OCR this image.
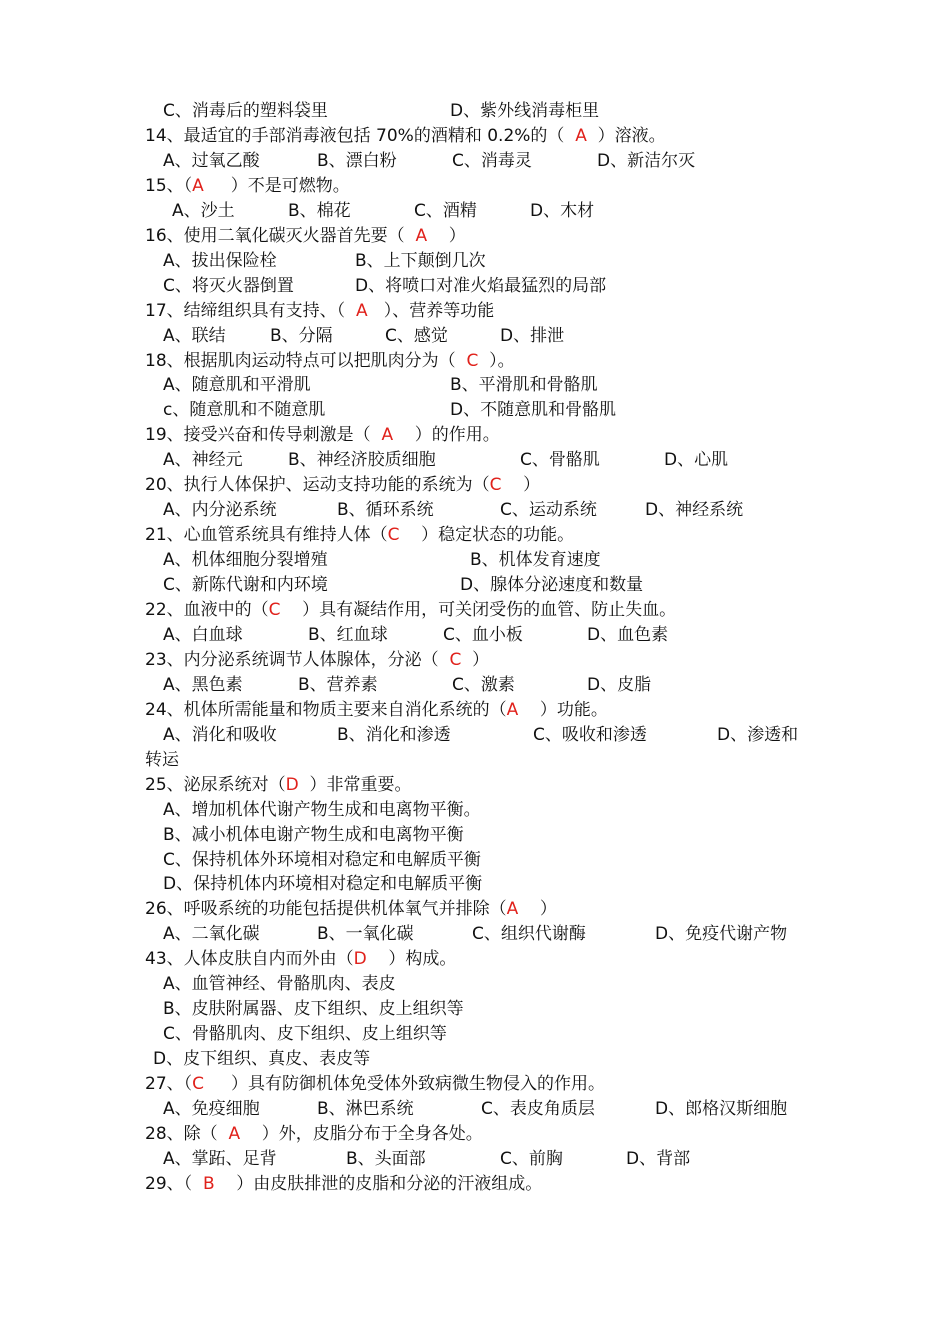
C、消毒后的塑料袋里	D、紫外线消毒柜里
14、最适宜的手部消毒液包括 70%的酒精和 0.2%的（  A  ）溶液。
A、过氧乙酸	B、漂白粉	C、消毒灵	D、新洁尔灭
15、（A     ）不是可燃物。
A、沙土	B、棉花	C、酒精	D、木材
16、使用二氧化碳灭火器首先要（  A    ）
A、拔出保险栓	B、上下颠倒几次
C、将灭火器倒置	D、将喷口对准火焰最猛烈的局部
17、结缔组织具有支持、（  A   ）、营养等功能
A、联结	B、分隔	C、感觉	D、排泄
18、根据肌肉运动特点可以把肌肉分为（  C  ）。
A、随意肌和平滑肌	B、平滑肌和骨骼肌
c、随意肌和不随意肌	D、不随意肌和骨骼肌
19、接受兴奋和传导刺激是（  A    ）的作用。
A、神经元	B、神经济胶质细胞	C、骨骼肌	D、心肌
20、执行人体保护、运动支持功能的系统为（C    ）
A、内分泌系统	B、循环系统	C、运动系统	D、神经系统
21、心血管系统具有维持人体（C    ）稳定状态的功能。
A、机体细胞分裂增殖	B、机体发育速度
C、新陈代谢和内环境	D、腺体分泌速度和数量
22、血液中的（C    ）具有凝结作用，可关闭受伤的血管、防止失血。
A、白血球	B、红血球	C、血小板	D、血色素
23、内分泌系统调节人体腺体，分泌（  C  ）
A、黑色素	B、营养素	C、激素	D、皮脂
24、机体所需能量和物质主要来自消化系统的（A    ）功能。
A、消化和吸收	B、消化和渗透	C、吸收和渗透	D、渗透和
转运
25、泌尿系统对（D  ）非常重要。
A、增加机体代谢产物生成和电离物平衡。
B、减小机体电谢产物生成和电离物平衡
C、保持机体外环境相对稳定和电解质平衡
D、保持机体内环境相对稳定和电解质平衡
26、呼吸系统的功能包括提供机体氧气并排除（A    ）
A、二氧化碳	B、一氧化碳	C、组织代谢酶	D、免疫代谢产物
43、人体皮肤自内而外由（D    ）构成。
A、血管神经、骨骼肌肉、表皮
B、皮肤附属器、皮下组织、皮上组织等
C、骨骼肌肉、皮下组织、皮上组织等
D、皮下组织、真皮、表皮等
27、（C     ）具有防御机体免受体外致病微生物侵入的作用。
A、免疫细胞	B、淋巴系统	C、表皮角质层	D、郎格汉斯细胞
28、除（  A    ）外，皮脂分布于全身各处。
A、掌跖、足背	B、头面部	C、前胸	D、背部
29、（  B    ）由皮肤排泄的皮脂和分泌的汗液组成。
